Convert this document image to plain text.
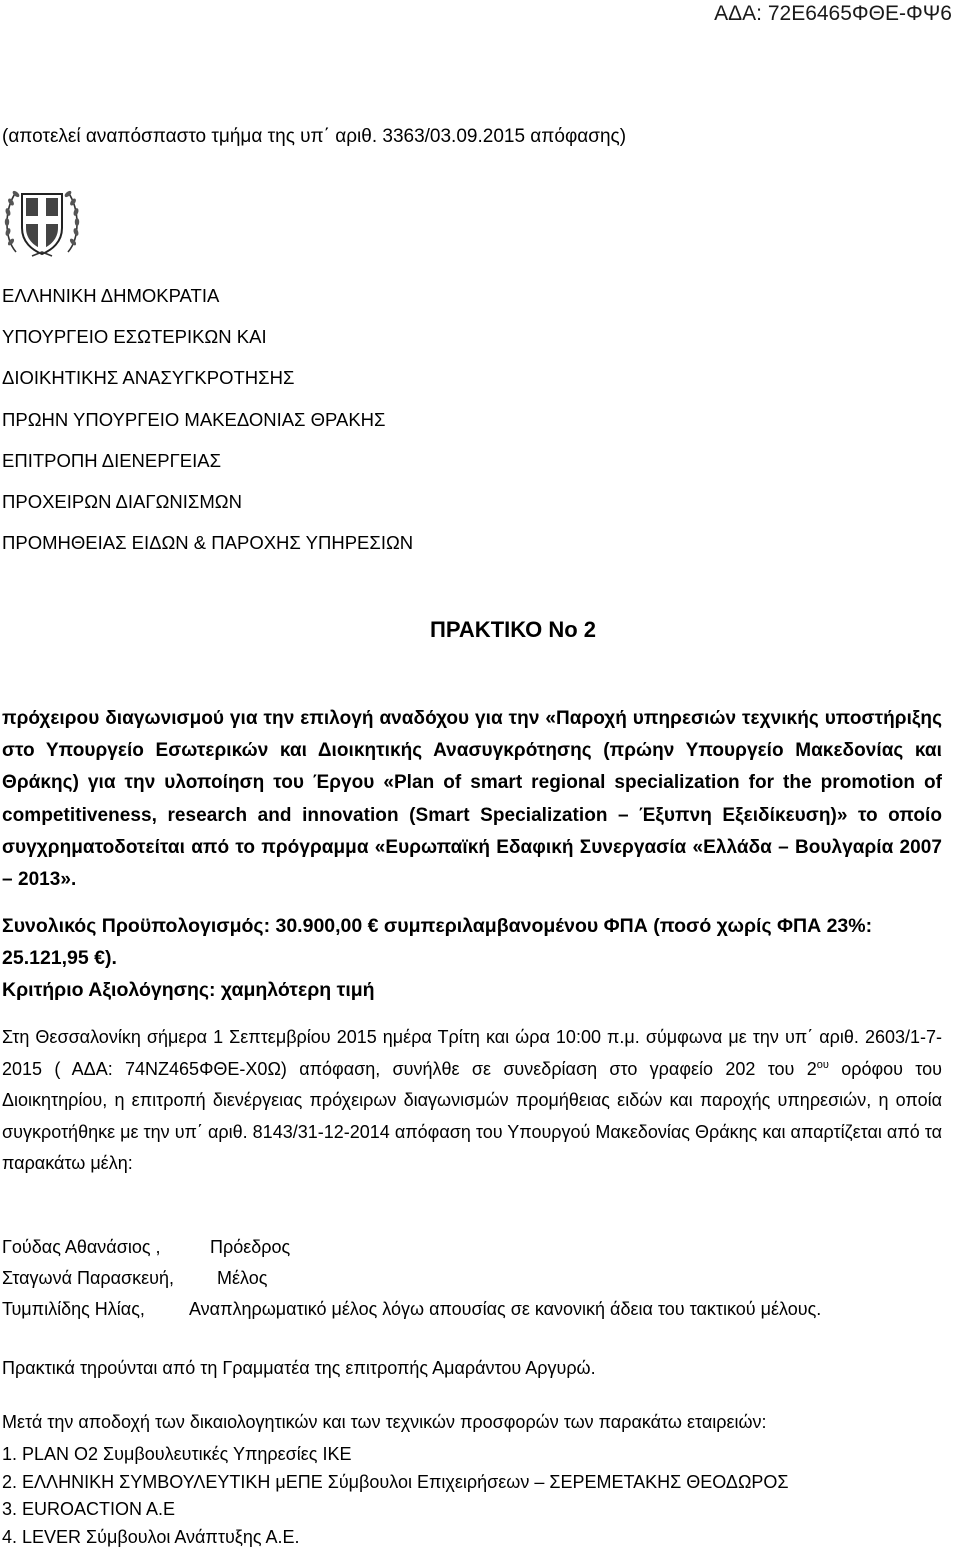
ΑΔΑ: 72Ε6465ΦΘΕ-ΦΨ6
(αποτελεί αναπόσπαστο τμήμα της υπ΄ αριθ. 3363/03.09.2015 απόφασης)
ΕΛΛΗΝΙΚΗ ΔΗΜΟΚΡΑΤΙΑ
ΥΠΟΥΡΓΕΙΟ ΕΣΩΤΕΡΙΚΩΝ ΚΑΙ
ΔΙΟΙΚΗΤΙΚΗΣ ΑΝΑΣΥΓΚΡΟΤΗΣΗΣ
ΠΡΩΗΝ ΥΠΟΥΡΓΕΙΟ ΜΑΚΕΔΟΝΙΑΣ ΘΡΑΚΗΣ
ΕΠΙΤΡΟΠΗ ΔΙΕΝΕΡΓΕΙΑΣ
ΠΡΟΧΕΙΡΩΝ ΔΙΑΓΩΝΙΣΜΩΝ
ΠΡΟΜΗΘΕΙΑΣ ΕΙΔΩΝ & ΠΑΡΟΧΗΣ ΥΠΗΡΕΣΙΩΝ
ΠΡΑΚΤΙΚΟ Νο 2

πρόχειρου διαγωνισμού για την επιλογή αναδόχου για την «Παροχή υπηρεσιών τεχνικής υποστήριξης στο Υπουργείο Εσωτερικών και Διοικητικής Ανασυγκρότησης (πρώην Υπουργείο Μακεδονίας και Θράκης) για την υλοποίηση του Έργου «Plan of smart regional specialization for the promotion of competitiveness, research and innovation (Smart Specialization – Έξυπνη Εξειδίκευση)» το οποίο συγχρηματοδοτείται από το πρόγραμμα «Ευρωπαϊκή Εδαφική Συνεργασία «Ελλάδα – Βουλγαρία 2007 – 2013».

Συνολικός Προϋπολογισμός: 30.900,00 € συμπεριλαμβανομένου ΦΠΑ (ποσό χωρίς ΦΠΑ 23%: 25.121,95 €).

Κριτήριο Αξιολόγησης: χαμηλότερη τιμή

Στη Θεσσαλονίκη σήμερα 1 Σεπτεμβρίου 2015 ημέρα Τρίτη και ώρα 10:00 π.μ. σύμφωνα με την υπ΄ αριθ. 2603/1-7-2015 ( ΑΔΑ: 74ΝΖ465ΦΘΕ-Χ0Ω) απόφαση, συνήλθε σε συνεδρίαση στο γραφείο 202 του $2^{o\upsilon}$ ορόφου του Διοικητηρίου, η επιτροπή διενέργειας πρόχειρων διαγωνισμών προμήθειας ειδών και παροχής υπηρεσιών, η οποία συγκροτήθηκε με την υπ΄ αριθ. 8143/31-12-2014 απόφαση του Υπουργού Μακεδονίας Θράκης και απαρτίζεται από τα παρακάτω μέλη:

Γούδας Αθανάσιος ,	Πρόεδρος
Σταγωνά Παρασκευή, Μέλος
Τυμπιλίδης Ηλίας, Αναπληρωματικό μέλος λόγω απουσίας σε κανονική άδεια του τακτικού μέλους.

Πρακτικά τηρούνται από τη Γραμματέα της επιτροπής Αμαράντου Αργυρώ.

Μετά την αποδοχή των δικαιολογητικών και των τεχνικών προσφορών των παρακάτω εταιρειών:

1. PLAN O2 Συμβουλευτικές Υπηρεσίες ΙΚΕ
2. ΕΛΛΗΝΙΚΗ ΣΥΜΒΟΥΛΕΥΤΙΚΗ μΕΠΕ Σύμβουλοι Επιχειρήσεων – ΣΕΡΕΜΕΤΑΚΗΣ ΘΕΟΔΩΡΟΣ
3. EUROACTION A.E
4. LEVER Σύμβουλοι Ανάπτυξης Α.Ε.
